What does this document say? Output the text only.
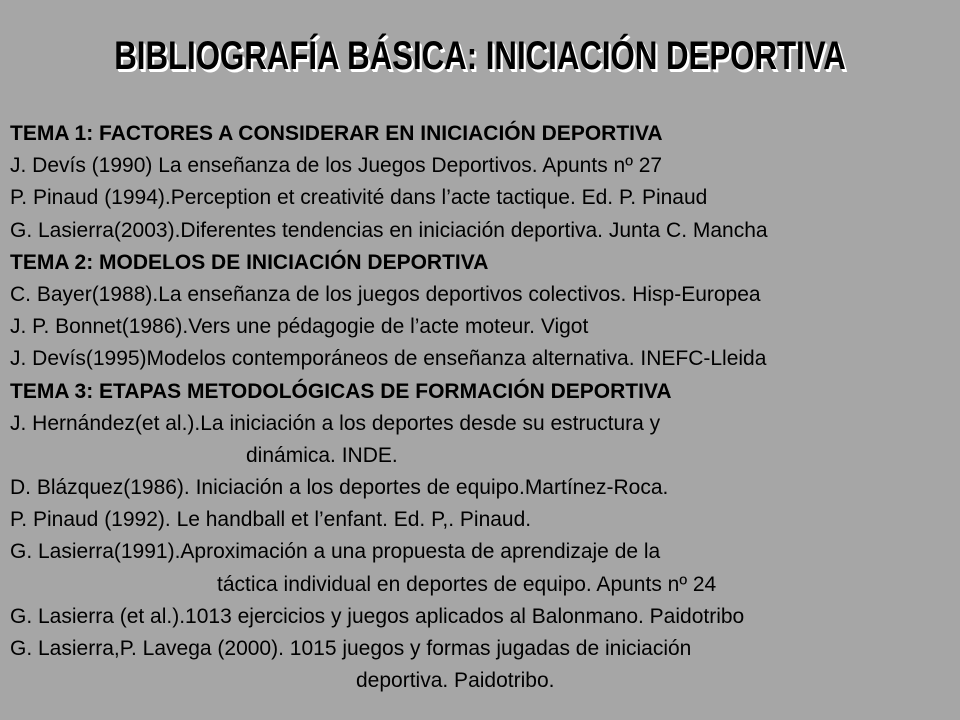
BIBLIOGRAFÍA BÁSICA: INICIACIÓN DEPORTIVA
TEMA 1: FACTORES A CONSIDERAR EN INICIACIÓN DEPORTIVA
J. Devís (1990) La enseñanza de los Juegos Deportivos. Apunts nº 27
P. Pinaud (1994).Perception et creativité dans l’acte tactique. Ed. P. Pinaud
G. Lasierra(2003).Diferentes tendencias en iniciación deportiva. Junta C. Mancha
TEMA 2: MODELOS DE INICIACIÓN DEPORTIVA
C. Bayer(1988).La enseñanza de los juegos deportivos colectivos. Hisp-Europea
J. P. Bonnet(1986).Vers une pédagogie de l’acte moteur. Vigot
J. Devís(1995)Modelos contemporáneos de enseñanza alternativa. INEFC-Lleida
TEMA 3: ETAPAS METODOLÓGICAS DE FORMACIÓN DEPORTIVA
J. Hernández(et al.).La iniciación a los deportes desde su estructura y
dinámica. INDE.
D. Blázquez(1986). Iniciación a los deportes de equipo.Martínez-Roca.
P. Pinaud (1992). Le handball et l’enfant. Ed. P,. Pinaud.
G. Lasierra(1991).Aproximación a una propuesta de aprendizaje de la
táctica individual en deportes de equipo. Apunts nº 24
G. Lasierra (et al.).1013 ejercicios y juegos aplicados al Balonmano. Paidotribo
G. Lasierra,P. Lavega (2000). 1015 juegos y formas jugadas de iniciación
deportiva. Paidotribo.
